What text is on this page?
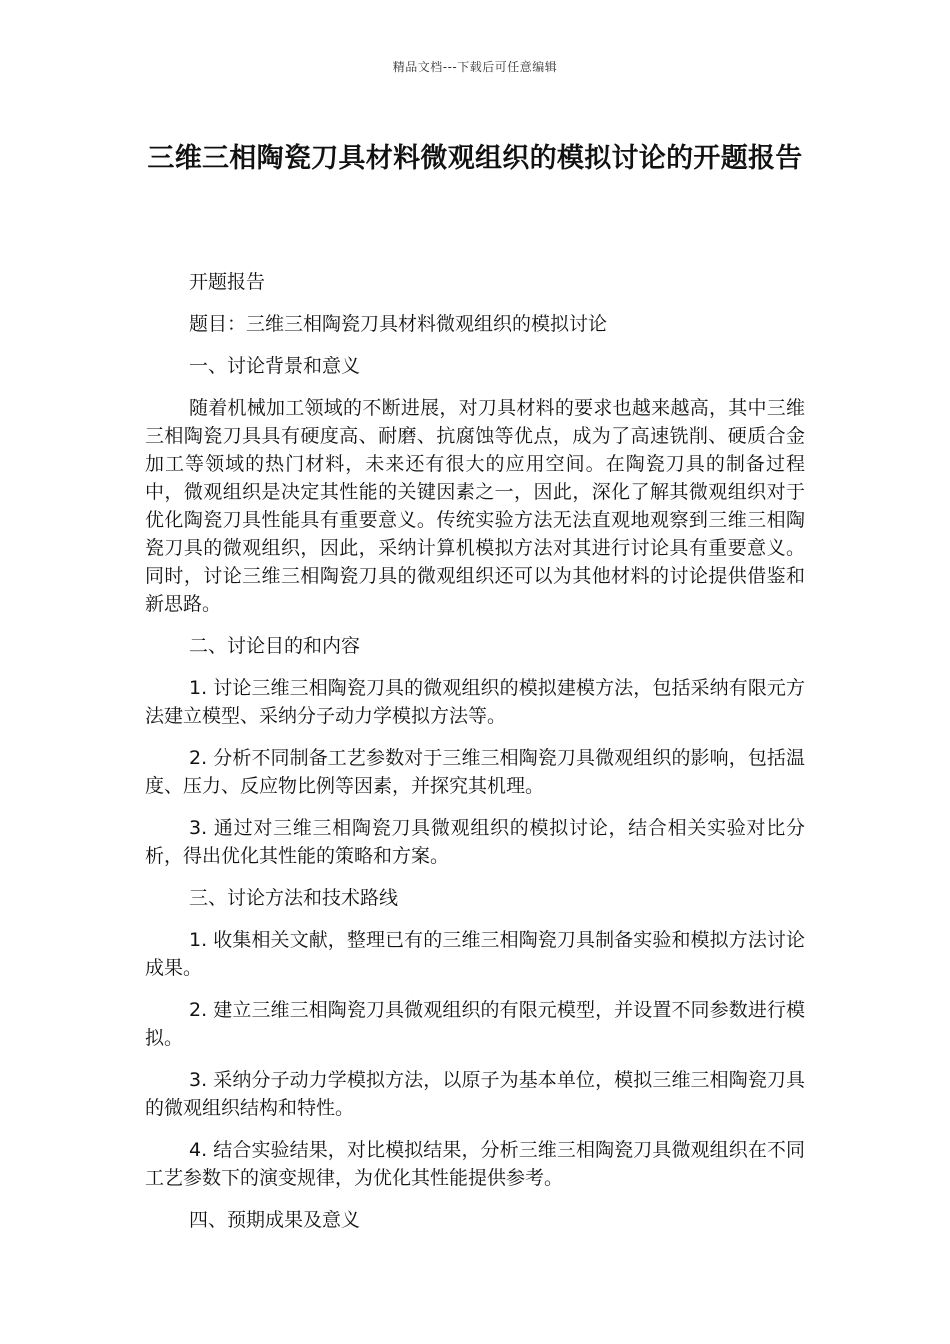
精品文档---下载后可任意编辑
三维三相陶瓷刀具材料微观组织的模拟讨论的开题报告

开题报告

题目：三维三相陶瓷刀具材料微观组织的模拟讨论

一、讨论背景和意义

随着机械加工领域的不断进展，对刀具材料的要求也越来越高，其中三维三相陶瓷刀具具有硬度高、耐磨、抗腐蚀等优点，成为了高速铣削、硬质合金加工等领域的热门材料，未来还有很大的应用空间。在陶瓷刀具的制备过程中，微观组织是决定其性能的关键因素之一，因此，深化了解其微观组织对于优化陶瓷刀具性能具有重要意义。传统实验方法无法直观地观察到三维三相陶瓷刀具的微观组织，因此，采纳计算机模拟方法对其进行讨论具有重要意义。同时，讨论三维三相陶瓷刀具的微观组织还可以为其他材料的讨论提供借鉴和新思路。

二、讨论目的和内容

1. 讨论三维三相陶瓷刀具的微观组织的模拟建模方法，包括采纳有限元方法建立模型、采纳分子动力学模拟方法等。

2. 分析不同制备工艺参数对于三维三相陶瓷刀具微观组织的影响，包括温度、压力、反应物比例等因素，并探究其机理。

3. 通过对三维三相陶瓷刀具微观组织的模拟讨论，结合相关实验对比分析，得出优化其性能的策略和方案。

三、讨论方法和技术路线

1. 收集相关文献，整理已有的三维三相陶瓷刀具制备实验和模拟方法讨论成果。

2. 建立三维三相陶瓷刀具微观组织的有限元模型，并设置不同参数进行模拟。

3. 采纳分子动力学模拟方法，以原子为基本单位，模拟三维三相陶瓷刀具的微观组织结构和特性。

4. 结合实验结果，对比模拟结果，分析三维三相陶瓷刀具微观组织在不同工艺参数下的演变规律，为优化其性能提供参考。

四、预期成果及意义
